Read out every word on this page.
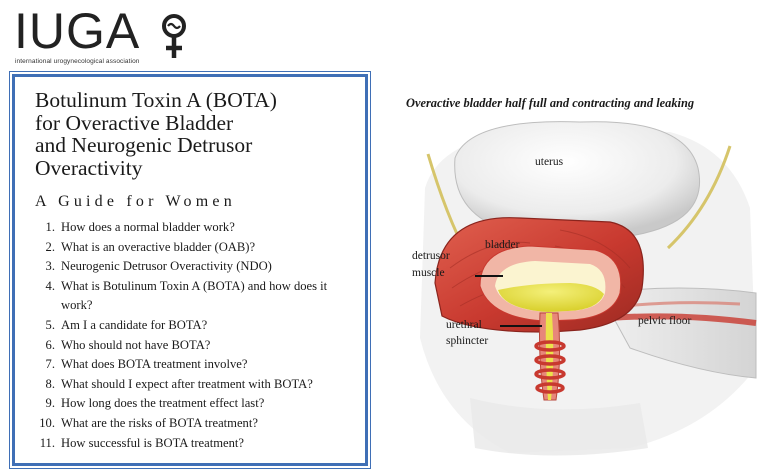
IUGA
international urogynecological association
Botulinum Toxin A (BOTA)
for Overactive Bladder
and Neurogenic Detrusor
Overactivity
A Guide for Women
1. How does a normal bladder work?
2. What is an overactive bladder (OAB)?
3. Neurogenic Detrusor Overactivity (NDO)
4. What is Botulinum Toxin A (BOTA) and how does it work?
5. Am I a candidate for BOTA?
6. Who should not have BOTA?
7. What does BOTA treatment involve?
8. What should I expect after treatment with BOTA?
9. How long does the treatment effect last?
10. What are the risks of BOTA treatment?
11. How successful is BOTA treatment?
Overactive bladder half full and contracting and leaking
uterus
bladder
detrusor
muscle
urethral
sphincter
pelvic floor
